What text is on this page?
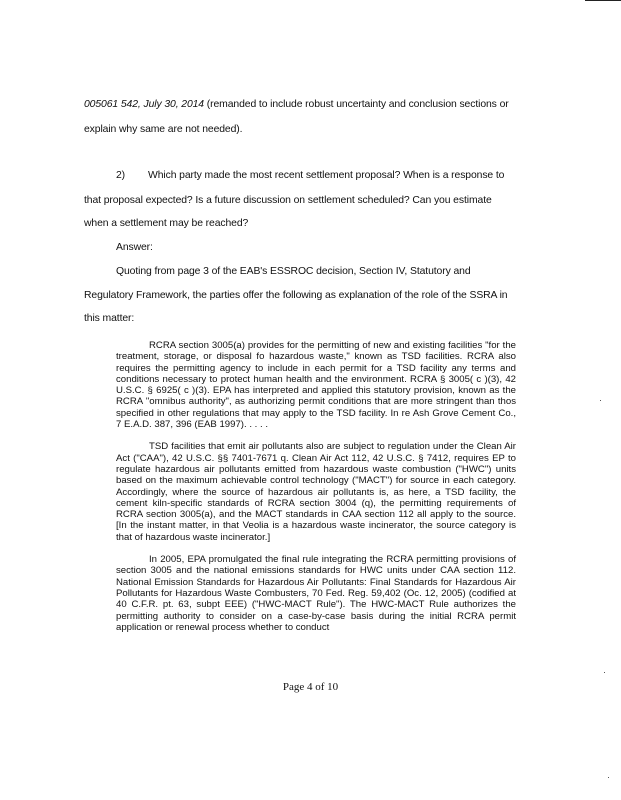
005061 542, July 30, 2014 (remanded to include robust uncertainty and conclusion sections or
explain why same are not needed).
2) Which party made the most recent settlement proposal? When is a response to
that proposal expected? Is a future discussion on settlement scheduled? Can you estimate
when a settlement may be reached?
Answer:
Quoting from page 3 of the EAB's ESSROC decision, Section IV, Statutory and
Regulatory Framework, the parties offer the following as explanation of the role of the SSRA in
this matter:

RCRA section 3005(a) provides for the permitting of new and existing facilities "for the treatment, storage, or disposal fo hazardous waste," known as TSD facilities. RCRA also requires the permitting agency to include in each permit for a TSD facility any terms and conditions necessary to protect human health and the environment. RCRA § 3005( c )(3), 42 U.S.C. § 6925( c )(3). EPA has interpreted and applied this statutory provision, known as the RCRA "omnibus authority", as authorizing permit conditions that are more stringent than thos specified in other regulations that may apply to the TSD facility. In re Ash Grove Cement Co., 7 E.A.D. 387, 396 (EAB 1997). . . . .

TSD facilities that emit air pollutants also are subject to regulation under the Clean Air Act ("CAA"), 42 U.S.C. §§ 7401-7671 q. Clean Air Act 112, 42 U.S.C. § 7412, requires EP to regulate hazardous air pollutants emitted from hazardous waste combustion ("HWC") units based on the maximum achievable control technology ("MACT") for source in each category. Accordingly, where the source of hazardous air pollutants is, as here, a TSD facility, the cement kiln-specific standards of RCRA section 3004 (q), the permitting requirements of RCRA section 3005(a), and the MACT standards in CAA section 112 all apply to the source. [In the instant matter, in that Veolia is a hazardous waste incinerator, the source category is that of hazardous waste incinerator.]

In 2005, EPA promulgated the final rule integrating the RCRA permitting provisions of section 3005 and the national emissions standards for HWC units under CAA section 112. National Emission Standards for Hazardous Air Pollutants: Final Standards for Hazardous Air Pollutants for Hazardous Waste Combusters, 70 Fed. Reg. 59,402 (Oc. 12, 2005) (codified at 40 C.F.R. pt. 63, subpt EEE) ("HWC-MACT Rule"). The HWC-MACT Rule authorizes the permitting authority to consider on a case-by-case basis during the initial RCRA permit application or renewal process whether to conduct

Page 4 of 10
